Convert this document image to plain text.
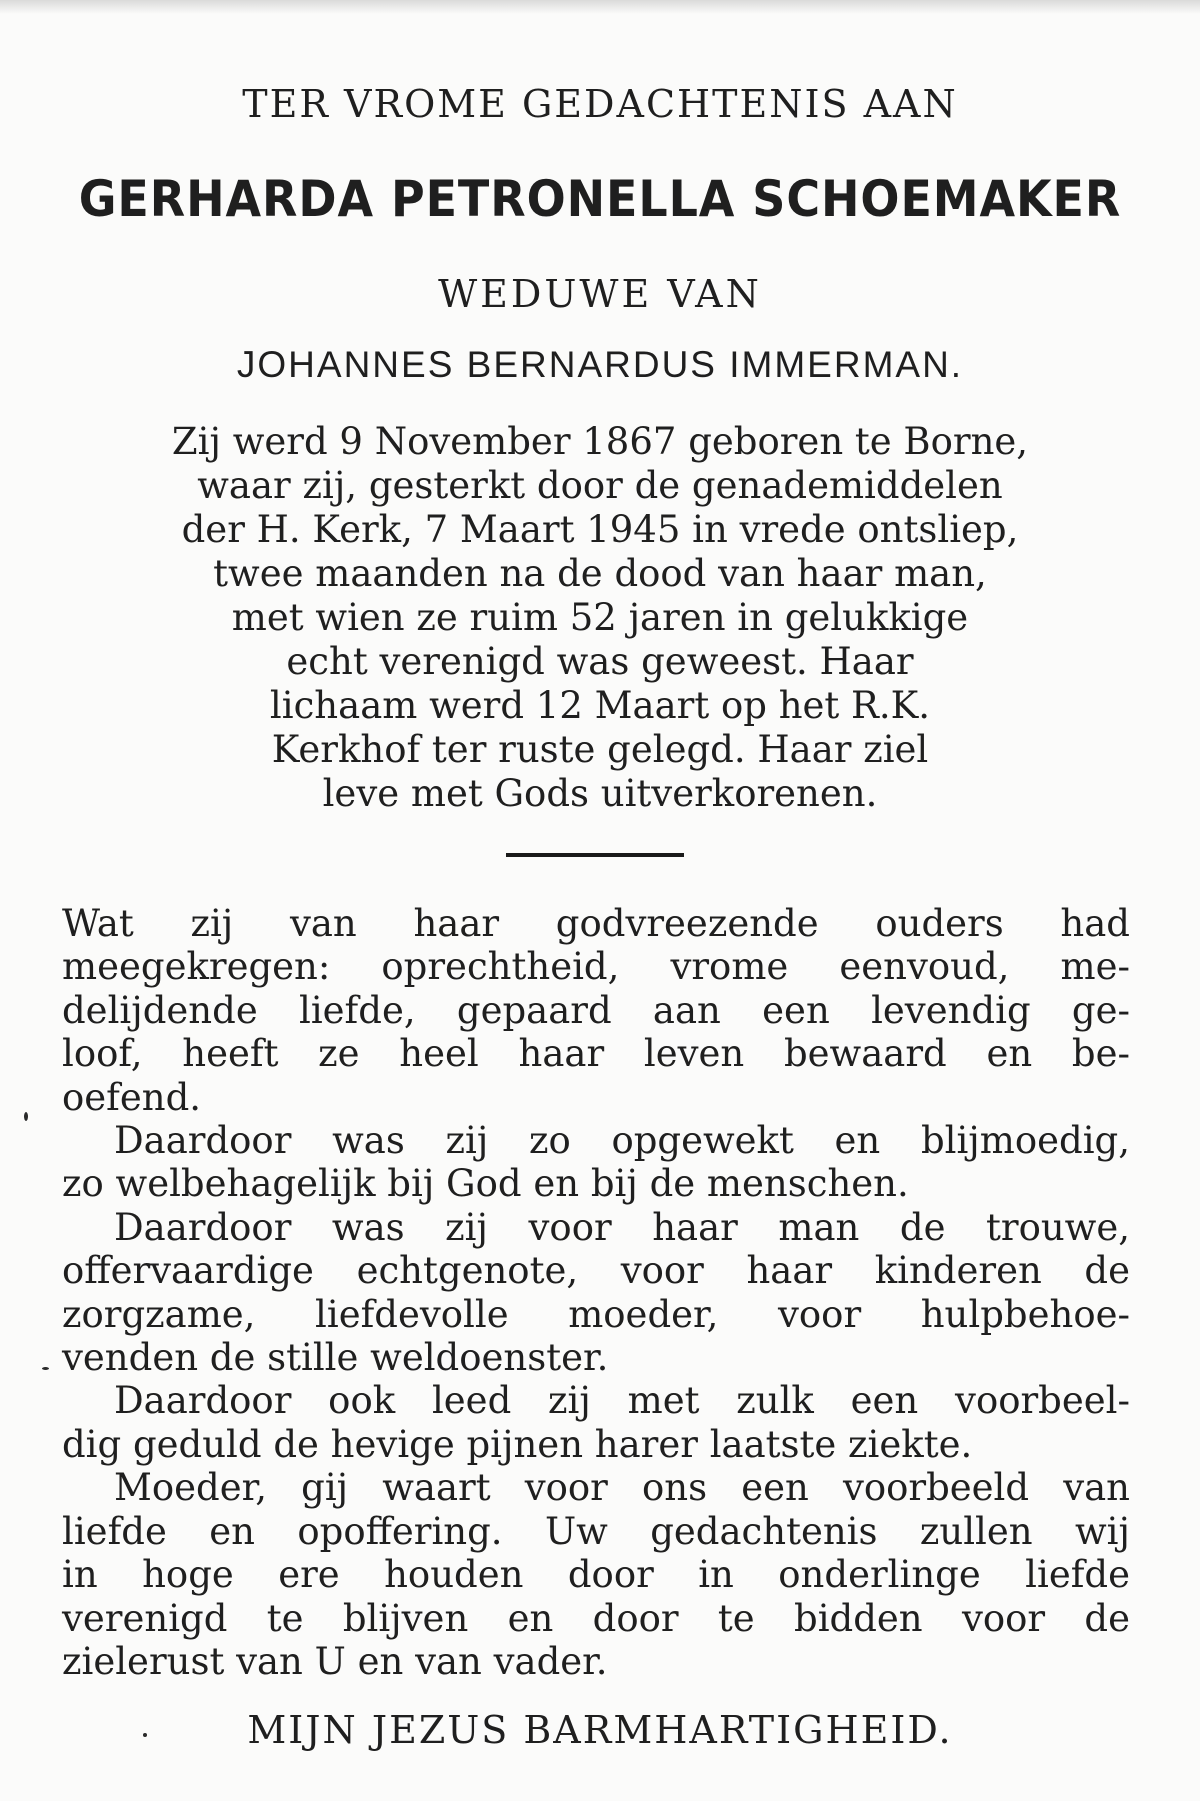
TER VROME GEDACHTENIS AAN
GERHARDA PETRONELLA SCHOEMAKER
WEDUWE VAN
JOHANNES BERNARDUS IMMERMAN.
Zij werd 9 November 1867 geboren te Borne,
waar zij, gesterkt door de genademiddelen
der H. Kerk, 7 Maart 1945 in vrede ontsliep,
twee maanden na de dood van haar man,
met wien ze ruim 52 jaren in gelukkige
echt verenigd was geweest. Haar
lichaam werd 12 Maart op het R.K.
Kerkhof ter ruste gelegd. Haar ziel
leve met Gods uitverkorenen.
Wat zij van haar godvreezende ouders had
meegekregen: oprechtheid, vrome eenvoud, me-
delijdende liefde, gepaard aan een levendig ge-
loof, heeft ze heel haar leven bewaard en be-
oefend.
Daardoor was zij zo opgewekt en blijmoedig,
zo welbehagelijk bij God en bij de menschen.
Daardoor was zij voor haar man de trouwe,
offervaardige echtgenote, voor haar kinderen de
zorgzame, liefdevolle moeder, voor hulpbehoe-
venden de stille weldoenster.
Daardoor ook leed zij met zulk een voorbeel-
dig geduld de hevige pijnen harer laatste ziekte.
Moeder, gij waart voor ons een voorbeeld van
liefde en opoffering. Uw gedachtenis zullen wij
in hoge ere houden door in onderlinge liefde
verenigd te blijven en door te bidden voor de
zielerust van U en van vader.
MIJN JEZUS BARMHARTIGHEID.
